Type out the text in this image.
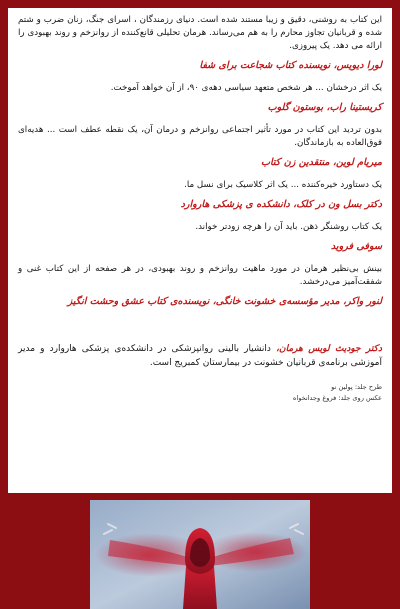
این کتاب به روشنی، دقیق و زیبا مستند شده است. دنیای رزمندگان ، اسرای جنگ، زنان ضرب و شتم شده و قربانیان تجاوز محارم را به هم می‌رساند. هرمان تحلیلی قانع‌کننده از روانزخم و روند بهبودی را ارائه می دهد. یک پیروزی.

لورا دیویس، نویسنده کتاب شجاعت برای شفا

یک اثر درخشان ... هر شخص متعهد سیاسی دهه‌ی ۹۰، از آن خواهد آموخت.

کریستینا راب، بوستون گلوب

بدون تردید این کتاب در مورد تأثیر اجتماعی روانزخم و درمان آن، یک نقطه عطف است ... هدیه‌ای فوق‌العاده به بازماندگان.

میریام لوین، منتقدین زن کتاب

یک دستاورد خیره‌کننده ... یک اثر کلاسیک برای نسل ما.

دکتر بسل ون در کلک، دانشکده ی پزشکی هاروارد

یک کتاب روشنگر ذهن. باید آن را هرچه زودتر خواند.

سوفی فروید

بینش بی‌نظیر هرمان در مورد ماهیت روانزخم و روند بهبودی، در هر صفحه از این کتاب غنی و شفقت‌آمیز می‌درخشد.

لنور واکر، مدیر مؤسسه‌ی خشونت خانگی، نویسنده‌ی کتاب عشق وحشت انگیز

دکتر جودیث لویس هرمان، دانشیار بالینی روانپزشکی در دانشکده‌ی پزشکی هاروارد و مدیر آموزشی برنامه‌ی قربانیان خشونت در بیمارستان کمبریج است.

طرح جلد: پولین نو

عکس روی جلد: فروغ وجدانخواه
